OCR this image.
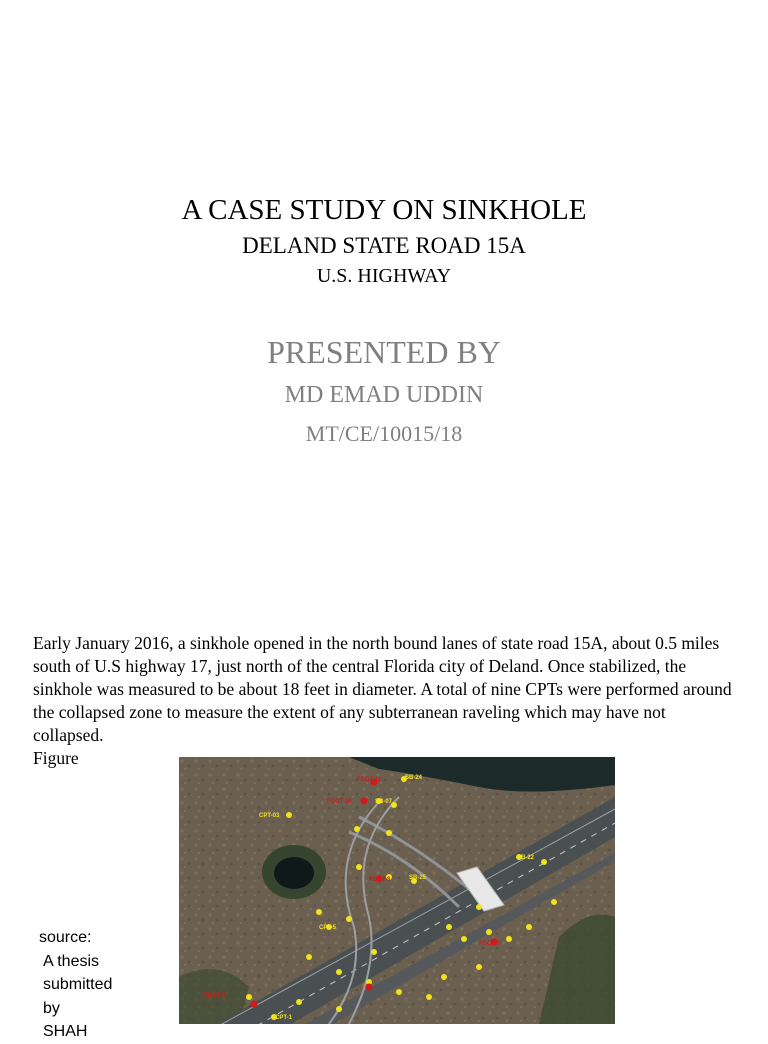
A CASE STUDY ON SINKHOLE
DELAND STATE ROAD 15A
U.S. HIGHWAY
PRESENTED BY
MD EMAD UDDIN
MT/CE/10015/18

Early January 2016, a sinkhole opened in the north bound lanes of state road 15A, about 0.5 miles south of U.S highway 17, just north of the central Florida city of Deland. Once stabilized, the sinkhole was measured to be about 18 feet in diameter. A total of nine CPTs were performed around the collapsed zone to measure the extent of any subterranean raveling which may have not collapsed.

Figure
source:
A thesis
submitted
by
SHAH
FDOT-11	SB-24
FDOT-10	SB-07
CPT-03
FDOT-8	SB-25
SB-22
CPT-5
FDOT-7
FDOT-6
CPT-1
